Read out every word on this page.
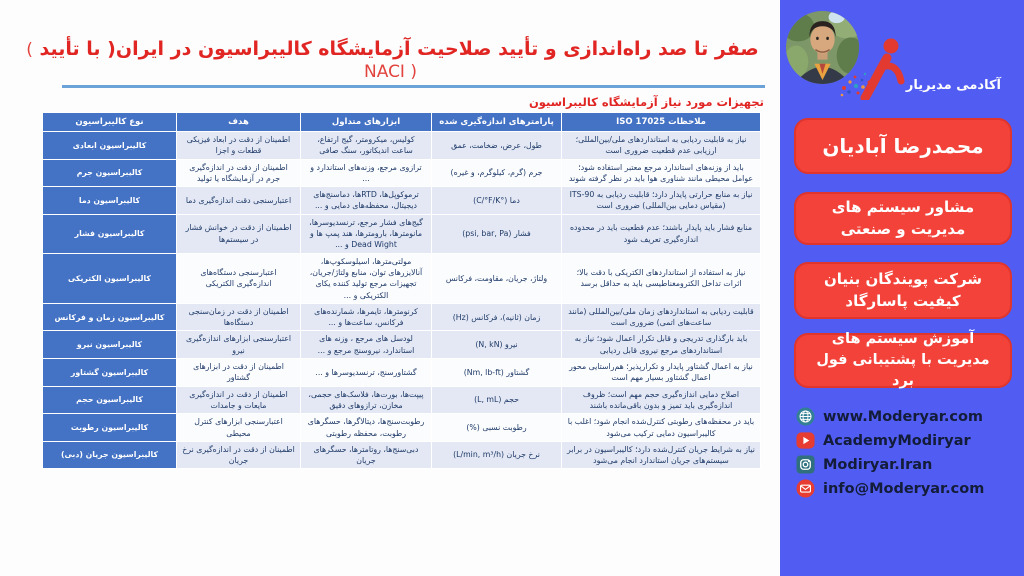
صفر تا صد راه‌اندازی و تأیید صلاحیت آزمایشگاه کالیبراسیون در ایران( با تأیید ( NACI )
تجهیزات مورد نیاز آزمایشگاه کالیبراسیون
نوع کالیبراسیون	هدف	ابزارهای متداول	پارامترهای اندازه‌گیری شده	ملاحظات ISO 17025
کالیبراسیون ابعادی	اطمینان از دقت در ابعاد فیزیکی قطعات و اجزا	کولیس، میکرومتر، گیج ارتفاع، ساعت اندیکاتور، سنگ صافی	طول، عرض، ضخامت، عمق	نیاز به قابلیت ردیابی به استانداردهای ملی/بین‌المللی؛ ارزیابی عدم قطعیت ضروری است
کالیبراسیون جرم	اطمینان از دقت در اندازه‌گیری جرم در آزمایشگاه یا تولید	ترازوی مرجع، وزنه‌های استاندارد و ...	جرم (گرم، کیلوگرم، و غیره)	باید از وزنه‌های استاندارد مرجع معتبر استفاده شود؛ عوامل محیطی مانند شناوری هوا باید در نظر گرفته شوند
کالیبراسیون دما	اعتبارسنجی دقت اندازه‌گیری دما	ترموکوپل‌ها، RTDها، دماسنج‌های دیجیتال، محفظه‌های دمایی و ...	دما (°C/°F/K)	نیاز به منابع حرارتی پایدار دارد؛ قابلیت ردیابی به ITS-90 (مقیاس دمایی بین‌المللی) ضروری است
کالیبراسیون فشار	اطمینان از دقت در خوانش فشار در سیستم‌ها	گیج‌های فشار مرجع، ترنسدیوسرها، مانومترها، بارومترها، هند پمپ ها و Dead Wight و ...	فشار (psi, bar, Pa)	منابع فشار باید پایدار باشند؛ عدم قطعیت باید در محدوده اندازه‌گیری تعریف شود
کالیبراسیون الکتریکی	اعتبارسنجی دستگاه‌های اندازه‌گیری الکتریکی	مولتی‌مترها، اسیلوسکوپ‌ها، آنالایزرهای توان، منابع ولتاژ/جریان، تجهیزات مرجع تولید کننده یکای الکتریکی و ...	ولتاژ، جریان، مقاومت، فرکانس	نیاز به استفاده از استانداردهای الکتریکی با دقت بالا؛ اثرات تداخل الکترومغناطیسی باید به حداقل برسد
کالیبراسیون زمان و فرکانس	اطمینان از دقت در زمان‌سنجی دستگاه‌ها	کرنومترها، تایمرها، شمارنده‌های فرکانس، ساعت‌ها و ...	زمان (ثانیه)، فرکانس (Hz)	قابلیت ردیابی به استانداردهای زمان ملی/بین‌المللی (مانند ساعت‌های اتمی) ضروری است
کالیبراسیون نیرو	اعتبارسنجی ابزارهای اندازه‌گیری نیرو	لودسل های مرجع ، وزنه های استاندارد، نیروسنج مرجع و ...	نیرو (N, kN)	باید بارگذاری تدریجی و قابل تکرار اعمال شود؛ نیاز به استانداردهای مرجع نیروی قابل ردیابی
کالیبراسیون گشتاور	اطمینان از دقت در ابزارهای گشتاور	گشتاورسنج، ترنسدیوسرها و ...	گشتاور (Nm, lb-ft)	نیاز به اعمال گشتاور پایدار و تکرارپذیر؛ هم‌راستایی محور اعمال گشتاور بسیار مهم است
کالیبراسیون حجم	اطمینان از دقت در اندازه‌گیری مایعات و جامدات	پیپت‌ها، بورت‌ها، فلاسک‌های حجمی، مخازن، ترازوهای دقیق	حجم (L, mL)	اصلاح دمایی اندازه‌گیری حجم مهم است؛ ظروف اندازه‌گیری باید تمیز و بدون باقی‌مانده باشند
کالیبراسیون رطوبت	اعتبارسنجی ابزارهای کنترل محیطی	رطوبت‌سنج‌ها، دیتالاگرها، حسگرهای رطوبت، محفظه رطوبتی	رطوبت نسبی (%)	باید در محفظه‌های رطوبتی کنترل‌شده انجام شود؛ اغلب با کالیبراسیون دمایی ترکیب می‌شود
کالیبراسیون جریان (دبی)	اطمینان از دقت در اندازه‌گیری نرخ جریان	دبی‌سنج‌ها، روتامترها، حسگرهای جریان	نرخ جریان (L/min, m³/h)	نیاز به شرایط جریان کنترل‌شده دارد؛ کالیبراسیون در برابر سیستم‌های جریان استاندارد انجام می‌شود
آکادمی مدیریار
محمدرضا آبادیان
مشاور سیستم های مدیریت و صنعتی
شرکت پویندگان بنیان کیفیت پاسارگاد
آموزش سیستم های مدیریت با پشتیبانی فول برد
www.Moderyar.com
AcademyModiryar
Modiryar.Iran
info@Moderyar.com
